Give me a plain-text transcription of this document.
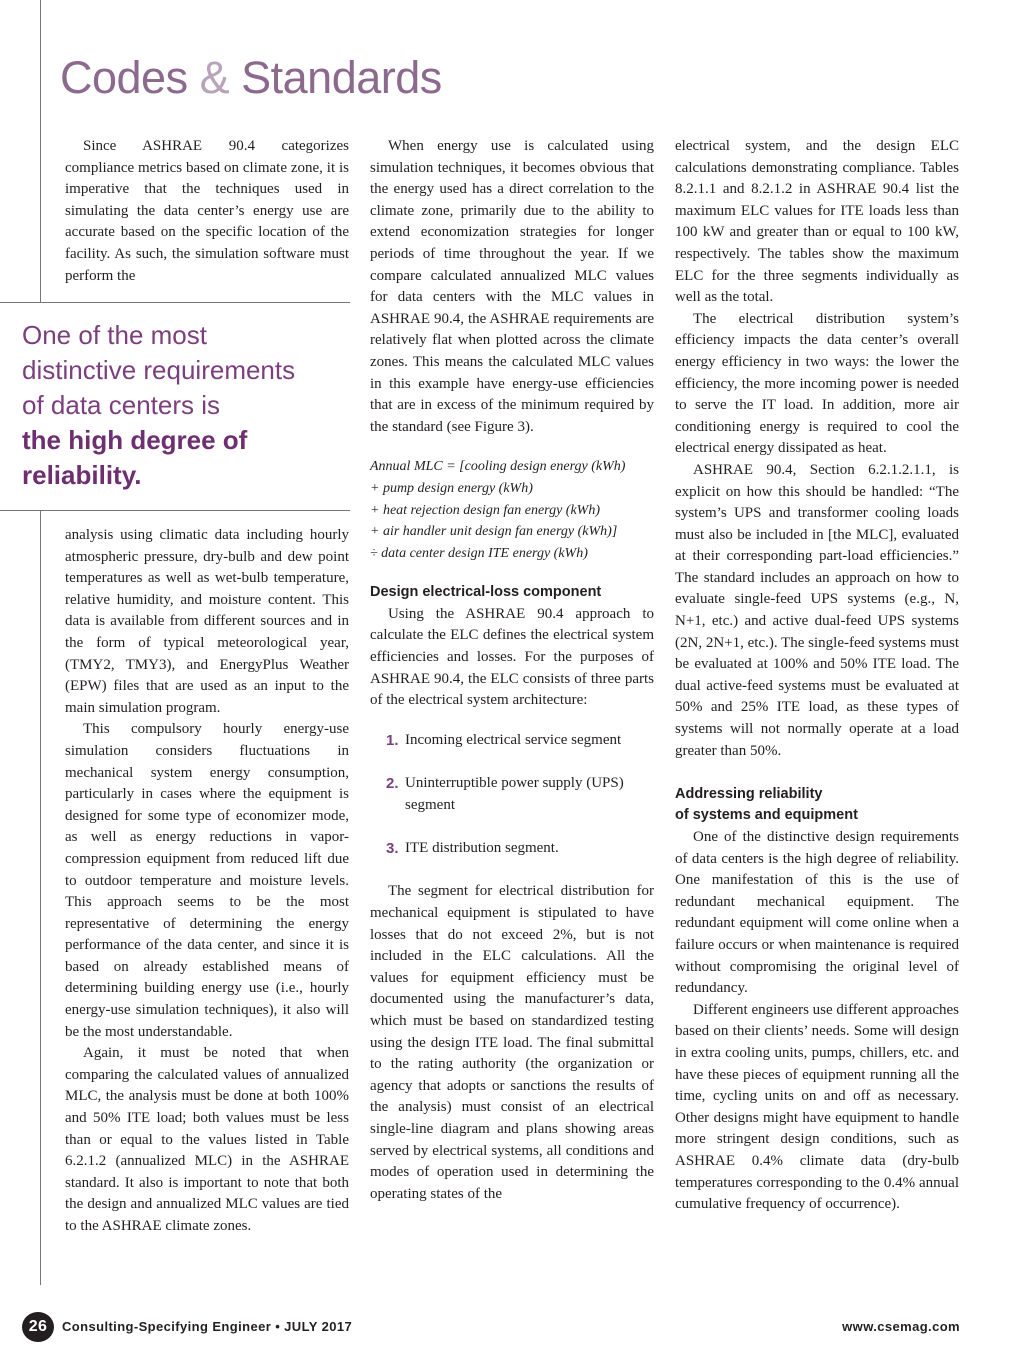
Codes & Standards
One of the most
distinctive requirements
of data centers is
the high degree of
reliability.

Since ASHRAE 90.4 categorizes compliance metrics based on climate zone, it is imperative that the techniques used in simulating the data center’s energy use are accurate based on the specific location of the facility. As such, the simulation software must perform the

analysis using climatic data including hourly atmospheric pressure, dry-bulb and dew point temperatures as well as wet-bulb temperature, relative humidity, and moisture content. This data is available from different sources and in the form of typical meteorological year, (TMY2, TMY3), and EnergyPlus Weather (EPW) files that are used as an input to the main simulation program.

This compulsory hourly energy-use simulation considers fluctuations in mechanical system energy consumption, particularly in cases where the equipment is designed for some type of economizer mode, as well as energy reductions in vapor-compression equipment from reduced lift due to outdoor temperature and moisture levels. This approach seems to be the most representative of determining the energy performance of the data center, and since it is based on already established means of determining building energy use (i.e., hourly energy-use simulation techniques), it also will be the most understandable.

Again, it must be noted that when comparing the calculated values of annualized MLC, the analysis must be done at both 100% and 50% ITE load; both values must be less than or equal to the values listed in Table 6.2.1.2 (annualized MLC) in the ASHRAE standard. It also is important to note that both the design and annualized MLC values are tied to the ASHRAE climate zones.

When energy use is calculated using simulation techniques, it becomes obvious that the energy used has a direct correlation to the climate zone, primarily due to the ability to extend economization strategies for longer periods of time throughout the year. If we compare calculated annualized MLC values for data centers with the MLC values in ASHRAE 90.4, the ASHRAE requirements are relatively flat when plotted across the climate zones. This means the calculated MLC values in this example have energy-use efficiencies that are in excess of the minimum required by the standard (see Figure 3).

Annual MLC = [cooling design energy (kWh)
+ pump design energy (kWh)
+ heat rejection design fan energy (kWh)
+ air handler unit design fan energy (kWh)]
÷ data center design ITE energy (kWh)
Design electrical-loss component

Using the ASHRAE 90.4 approach to calculate the ELC defines the electrical system efficiencies and losses. For the purposes of ASHRAE 90.4, the ELC consists of three parts of the electrical system architecture:

1. Incoming electrical service segment
2. Uninterruptible power supply (UPS) segment
3. ITE distribution segment.

The segment for electrical distribution for mechanical equipment is stipulated to have losses that do not exceed 2%, but is not included in the ELC calculations. All the values for equipment efficiency must be documented using the manufacturer’s data, which must be based on standardized testing using the design ITE load. The final submittal to the rating authority (the organization or agency that adopts or sanctions the results of the analysis) must consist of an electrical single-line diagram and plans showing areas served by electrical systems, all conditions and modes of operation used in determining the operating states of the

electrical system, and the design ELC calculations demonstrating compliance. Tables 8.2.1.1 and 8.2.1.2 in ASHRAE 90.4 list the maximum ELC values for ITE loads less than 100 kW and greater than or equal to 100 kW, respectively. The tables show the maximum ELC for the three segments individually as well as the total.

The electrical distribution system’s efficiency impacts the data center’s overall energy efficiency in two ways: the lower the efficiency, the more incoming power is needed to serve the IT load. In addition, more air conditioning energy is required to cool the electrical energy dissipated as heat.

ASHRAE 90.4, Section 6.2.1.2.1.1, is explicit on how this should be handled: “The system’s UPS and transformer cooling loads must also be included in [the MLC], evaluated at their corresponding part-load efficiencies.” The standard includes an approach on how to evaluate single-feed UPS systems (e.g., N, N+1, etc.) and active dual-feed UPS systems (2N, 2N+1, etc.). The single-feed systems must be evaluated at 100% and 50% ITE load. The dual active-feed systems must be evaluated at 50% and 25% ITE load, as these types of systems will not normally operate at a load greater than 50%.

Addressing reliability
of systems and equipment

One of the distinctive design requirements of data centers is the high degree of reliability. One manifestation of this is the use of redundant mechanical equipment. The redundant equipment will come online when a failure occurs or when maintenance is required without compromising the original level of redundancy.

Different engineers use different approaches based on their clients’ needs. Some will design in extra cooling units, pumps, chillers, etc. and have these pieces of equipment running all the time, cycling units on and off as necessary. Other designs might have equipment to handle more stringent design conditions, such as ASHRAE 0.4% climate data (dry-bulb temperatures corresponding to the 0.4% annual cumulative frequency of occurrence).

26	Consulting-Specifying Engineer • JULY 2017	www.csemag.com
